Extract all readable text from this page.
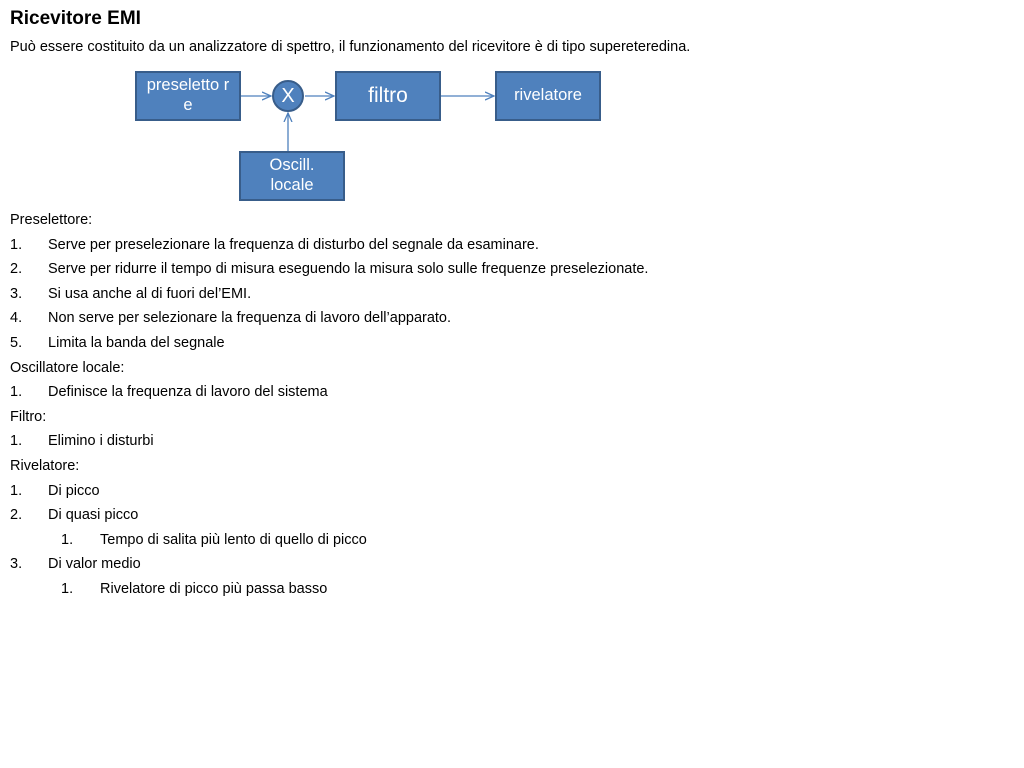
Ricevitore EMI

Può essere costituito da un analizzatore di spettro, il funzionamento del ricevitore è di tipo supereteredina.

preseletto re	X	filtro	rivelatore
Oscill. locale
Preselettore:
1. Serve per preselezionare la frequenza di disturbo del segnale da esaminare.
2. Serve per ridurre il tempo di misura eseguendo la misura solo sulle frequenze preselezionate.
3. Si usa anche al di fuori del’EMI.
4. Non serve per selezionare la frequenza di lavoro dell’apparato.
5. Limita la banda del segnale
Oscillatore locale:
1. Definisce la frequenza di lavoro del sistema
Filtro:
1. Elimino i disturbi
Rivelatore:
1. Di picco
2. Di quasi picco
1. Tempo di salita più lento di quello di picco
3. Di valor medio
1. Rivelatore di picco più passa basso
